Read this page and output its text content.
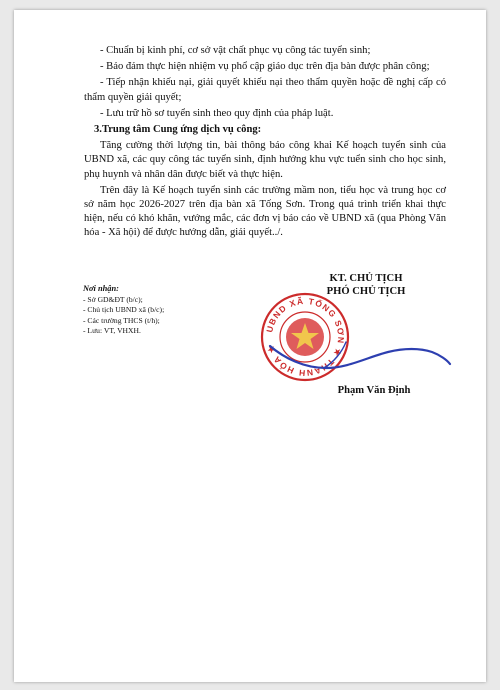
- Chuẩn bị kinh phí, cơ sở vật chất phục vụ công tác tuyển sinh;

- Bảo đảm thực hiện nhiệm vụ phổ cập giáo dục trên địa bàn được phân công;

- Tiếp nhận khiếu nại, giải quyết khiếu nại theo thẩm quyền hoặc đề nghị cấp có thẩm quyền giải quyết;

- Lưu trữ hồ sơ tuyển sinh theo quy định của pháp luật.

3.Trung tâm Cung ứng dịch vụ công:

Tăng cường thời lượng tin, bài thông báo công khai Kế hoạch tuyển sinh của UBND xã, các quy công tác tuyển sinh, định hướng khu vực tuển sinh cho học sinh, phụ huynh và nhân dân được biết và thực hiện.

Trên đây là Kế hoạch tuyển sinh các trường mầm non, tiểu học và trung học cơ sở năm học 2026-2027 trên địa bàn xã Tống Sơn. Trong quá trình triển khai thực hiện, nếu có khó khăn, vướng mắc, các đơn vị báo cáo về UBND xã (qua Phòng Văn hóa - Xã hội) để được hướng dẫn, giải quyết../.

Nơi nhận:
- Sở GD&ĐT (b/c);
- Chủ tịch UBND xã (b/c);
- Các trường THCS (t/h);
- Lưu: VT, VHXH.
KT. CHỦ TỊCH
PHÓ CHỦ TỊCH
UBND XÃ TỐNG SƠN ★ THANH HÓA ★
Phạm Văn Định
